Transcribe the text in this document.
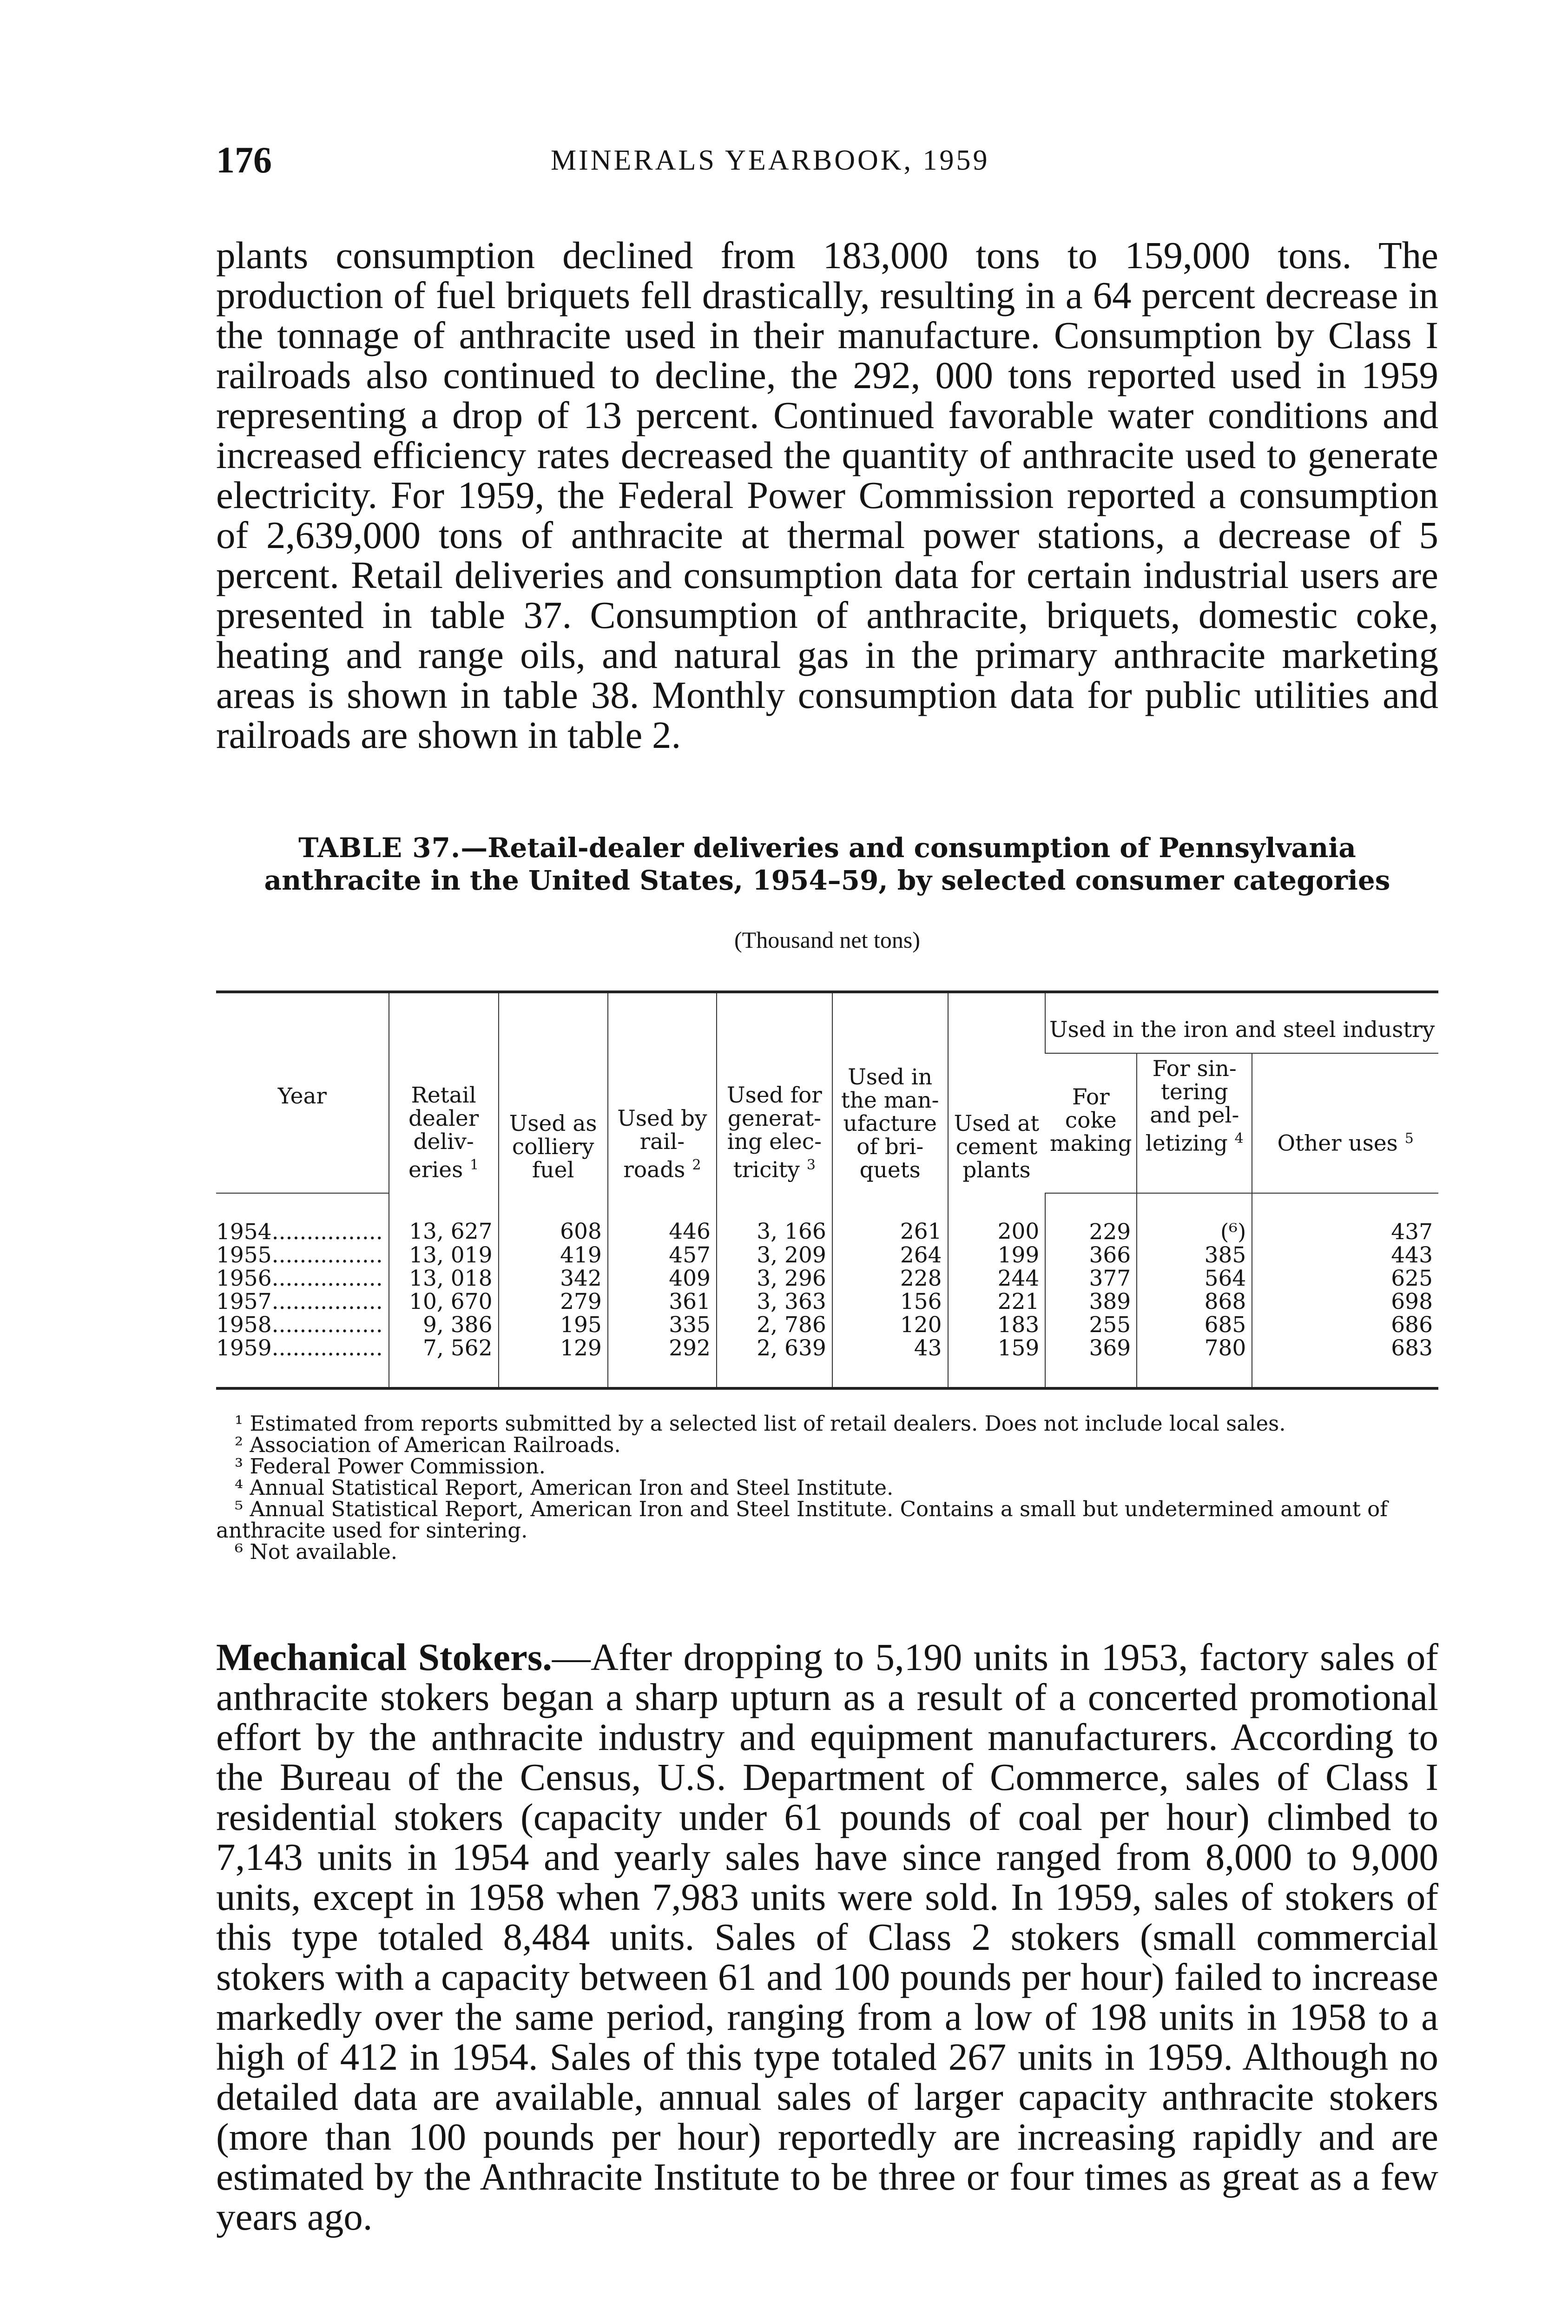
176	MINERALS YEARBOOK, 1959

plants consumption declined from 183,000 tons to 159,000 tons. The production of fuel briquets fell drastically, resulting in a 64 percent decrease in the tonnage of anthracite used in their manufacture. Consumption by Class I railroads also continued to decline, the 292, 000 tons reported used in 1959 representing a drop of 13 percent. Continued favorable water conditions and increased efficiency rates decreased the quantity of anthracite used to generate electricity. For 1959, the Federal Power Commission reported a consumption of 2,639,000 tons of anthracite at thermal power stations, a decrease of 5 percent. Retail deliveries and consumption data for certain industrial users are presented in table 37. Consumption of anthracite, briquets, domestic coke, heating and range oils, and natural gas in the primary anthracite marketing areas is shown in table 38. Monthly consumption data for public utilities and railroads are shown in table 2.

TABLE 37.—Retail-dealer deliveries and consumption of Pennsylvania anthracite in the United States, 1954–59, by selected consumer categories
(Thousand net tons)
Year	Retail dealer deliv- eries $^1$	Used as colliery fuel	Used by rail- roads $^2$	Used for generat- ing elec- tricity $^3$	Used in the man- ufacture of bri- quets	Used at cement plants	Used in the iron and steel industry		
							For coke making	For sin- tering and pel- letizing $^4$	Other uses $^5$
1954................	13, 627	608	446	3, 166	261	200	229	(⁶)	437
1955................	13, 019	419	457	3, 209	264	199	366	385	443
1956................	13, 018	342	409	3, 296	228	244	377	564	625
1957................	10, 670	279	361	3, 363	156	221	389	868	698
1958................	9, 386	195	335	2, 786	120	183	255	685	686
1959................	7, 562	129	292	2, 639	43	159	369	780	683
¹ Estimated from reports submitted by a selected list of retail dealers. Does not include local sales.
² Association of American Railroads.
³ Federal Power Commission.
⁴ Annual Statistical Report, American Iron and Steel Institute.
⁵ Annual Statistical Report, American Iron and Steel Institute. Contains a small but undetermined amount of anthracite used for sintering.
⁶ Not available.

Mechanical Stokers.—After dropping to 5,190 units in 1953, factory sales of anthracite stokers began a sharp upturn as a result of a concerted promotional effort by the anthracite industry and equipment manufacturers. According to the Bureau of the Census, U.S. Department of Commerce, sales of Class I residential stokers (capacity under 61 pounds of coal per hour) climbed to 7,143 units in 1954 and yearly sales have since ranged from 8,000 to 9,000 units, except in 1958 when 7,983 units were sold. In 1959, sales of stokers of this type totaled 8,484 units. Sales of Class 2 stokers (small commercial stokers with a capacity between 61 and 100 pounds per hour) failed to increase markedly over the same period, ranging from a low of 198 units in 1958 to a high of 412 in 1954. Sales of this type totaled 267 units in 1959. Although no detailed data are available, annual sales of larger capacity anthracite stokers (more than 100 pounds per hour) reportedly are increasing rapidly and are estimated by the Anthracite Institute to be three or four times as great as a few years ago.
